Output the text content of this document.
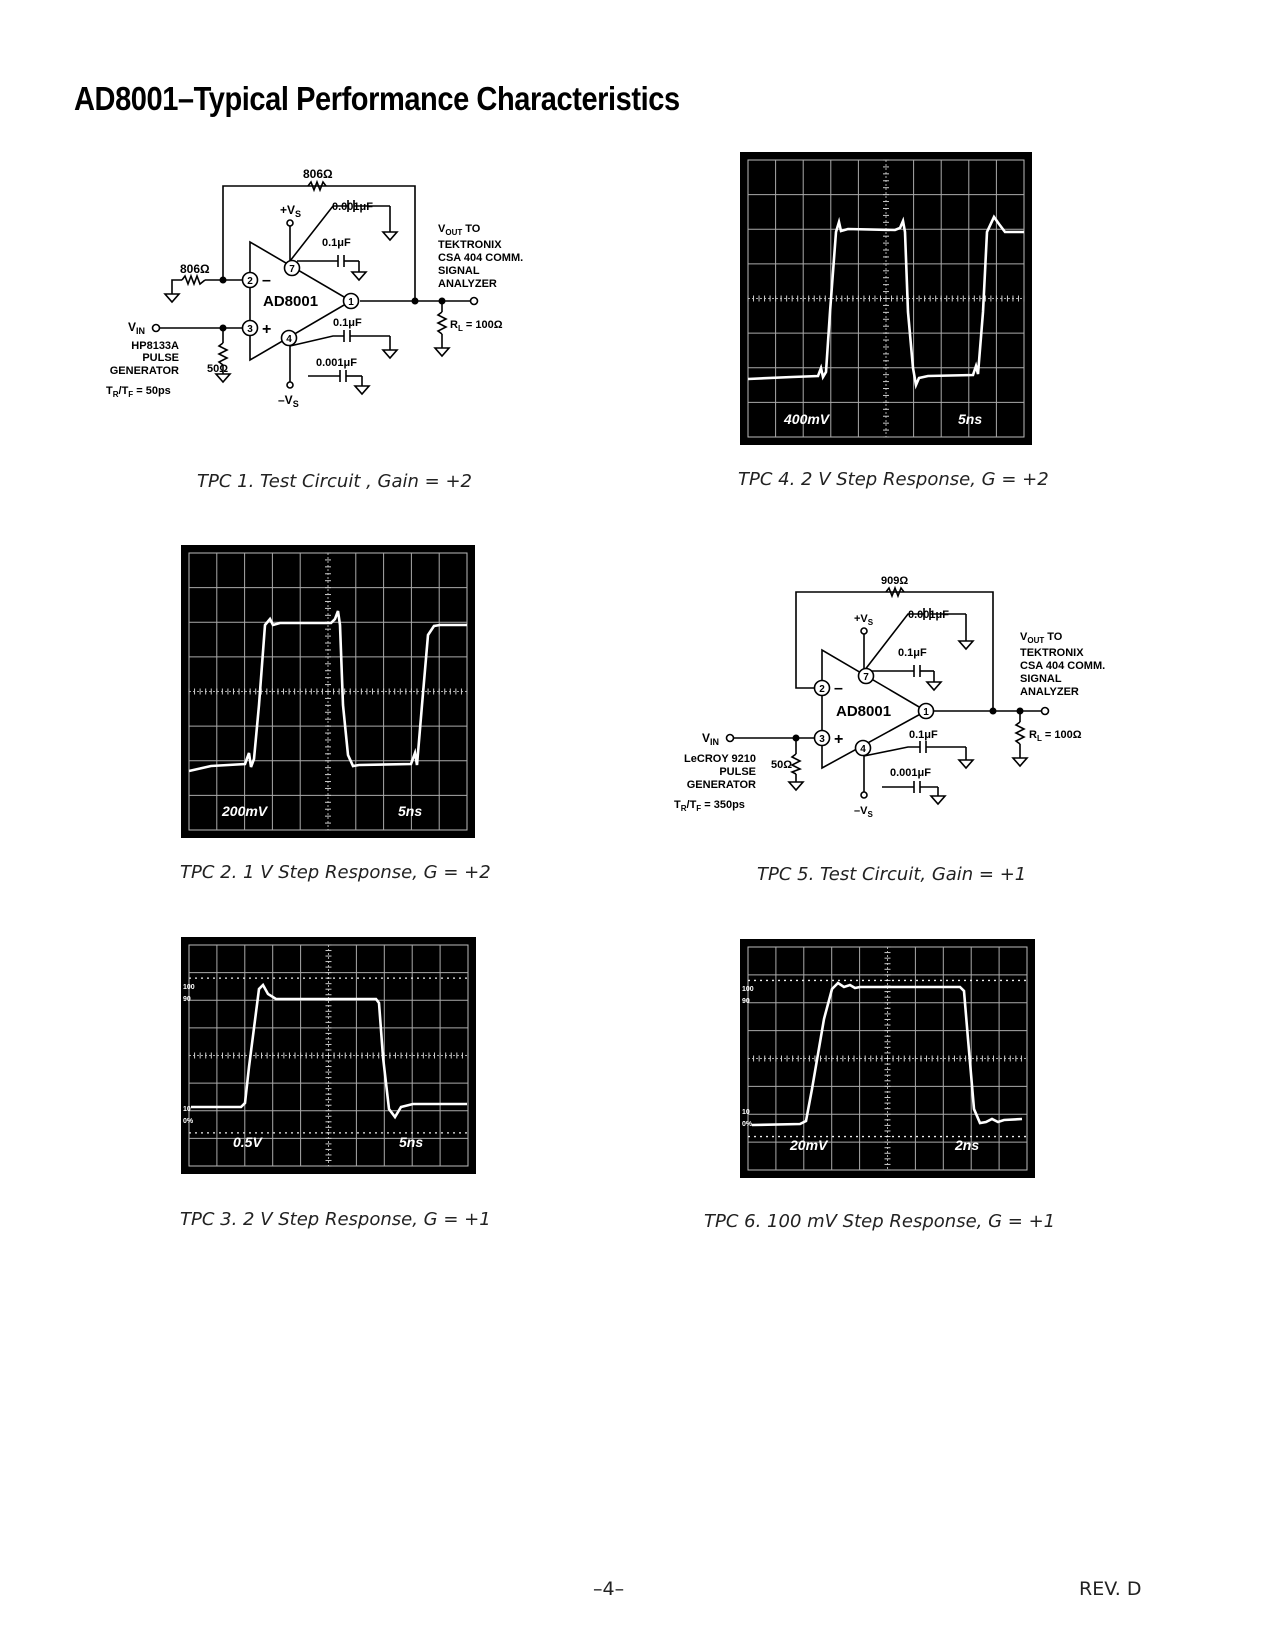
AD8001–Typical Performance Characteristics
2
3
1
7
4
–
+
AD8001
806Ω
806Ω
0.001μF
0.1μF
0.1μF
0.001μF
$+V_S$
$-V_S$
50Ω
$V_{IN}$
HP8133A
PULSE
GENERATOR
$T_R/T_F = 50ps$
$V_{OUT}$ TO
TEKTRONIX
CSA 404 COMM.
SIGNAL
ANALYZER
$R_L = 100\Omega$
TPC 1. Test Circuit , Gain = +2
400mV	5ns
TPC 4. 2 V Step Response, G = +2
200mV	5ns
TPC 2. 1 V Step Response, G = +2
2
3
1
7
4
–
+
AD8001
909Ω
0.001μF
0.1μF
0.1μF
0.001μF
$+V_S$
$-V_S$
50Ω
$V_{IN}$
LeCROY 9210
PULSE
GENERATOR
$T_R/T_F = 350ps$
$V_{OUT}$ TO
TEKTRONIX
CSA 404 COMM.
SIGNAL
ANALYZER
$R_L = 100\Omega$
TPC 5. Test Circuit, Gain = +1
100
90
10
0%
0.5V	5ns
TPC 3. 2 V Step Response, G = +1
100
90
10
0%
20mV	2ns
TPC 6. 100 mV Step Response, G = +1
–4–	REV. D
